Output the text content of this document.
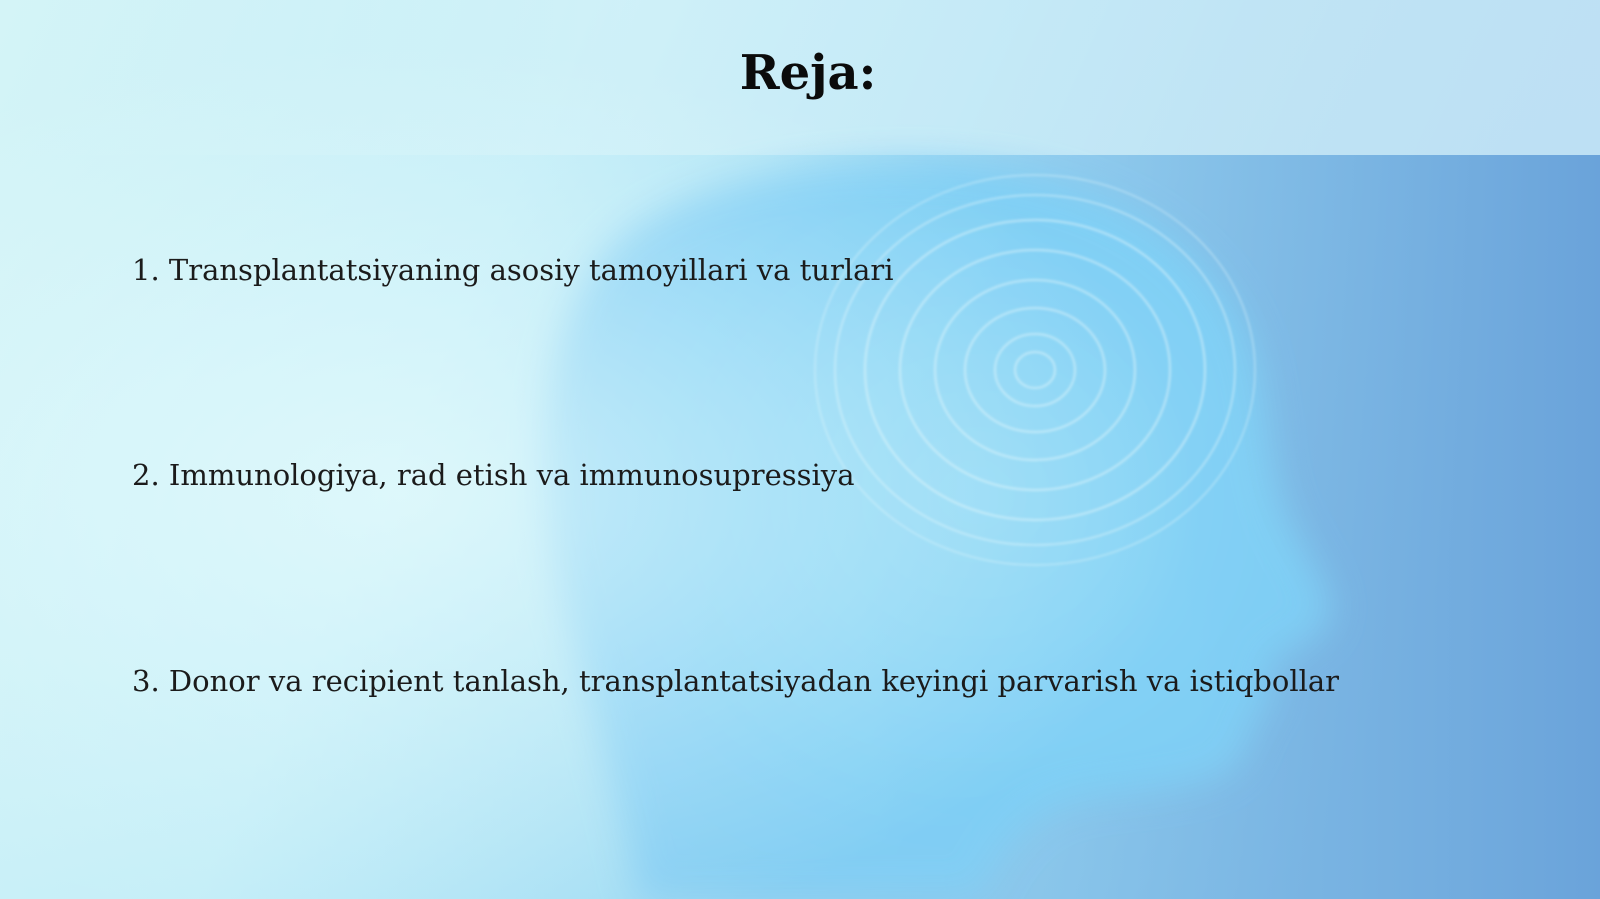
Reja:

1. Transplantatsiyaning asosiy tamoyillari va turlari

2. Immunologiya, rad etish va immunosupressiya

3. Donor va recipient tanlash, transplantatsiyadan keyingi parvarish va istiqbollar
